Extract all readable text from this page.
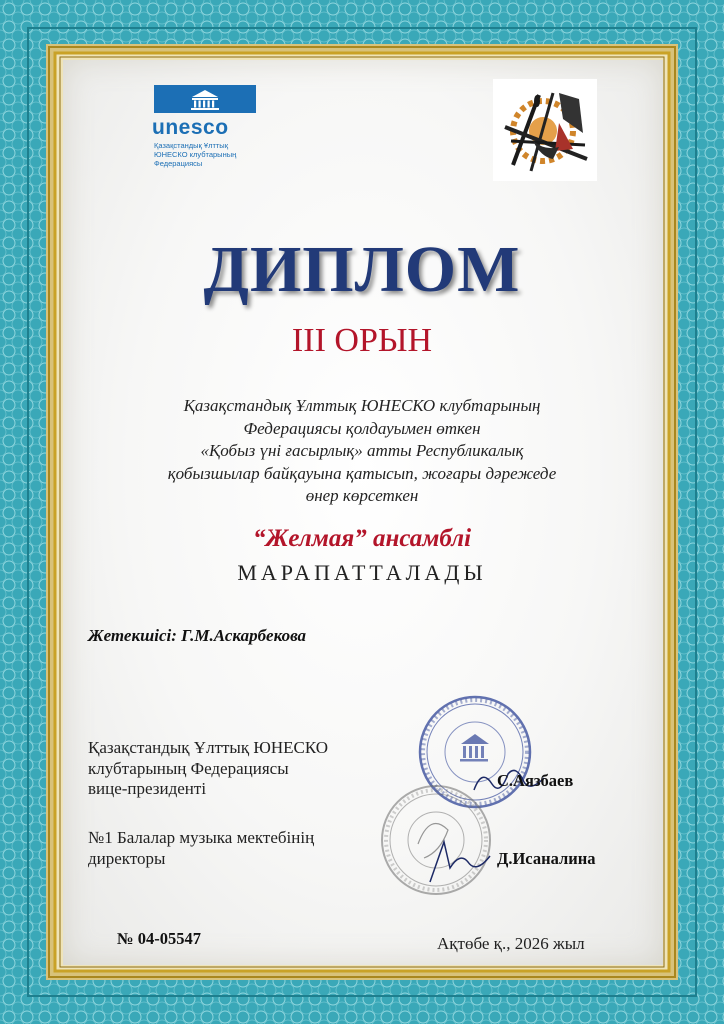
unesco
Қазақстандық Ұлттық
ЮНЕСКО клубтарының
Федерациясы
ДИПЛОМ
III ОРЫН
Қазақстандық Ұлттық ЮНЕСКО клубтарының
Федерациясы қолдауымен өткен
«Қобыз үні ғасырлық» атты Республикалық
қобызшылар байқауына қатысып, жоғары дәрежеде
өнер көрсеткен
“Желмая” ансамблі
МАРАПАТТАЛАДЫ
Жетекшісі: Г.М.Аскарбекова
Қазақстандық Ұлттық ЮНЕСКО
клубтарының Федерациясы
вице-президенті	С.Аязбаев
№1 Балалар музыка мектебінің
директоры	Д.Исаналина
№ 04-05547	Ақтөбе қ., 2026 жыл
